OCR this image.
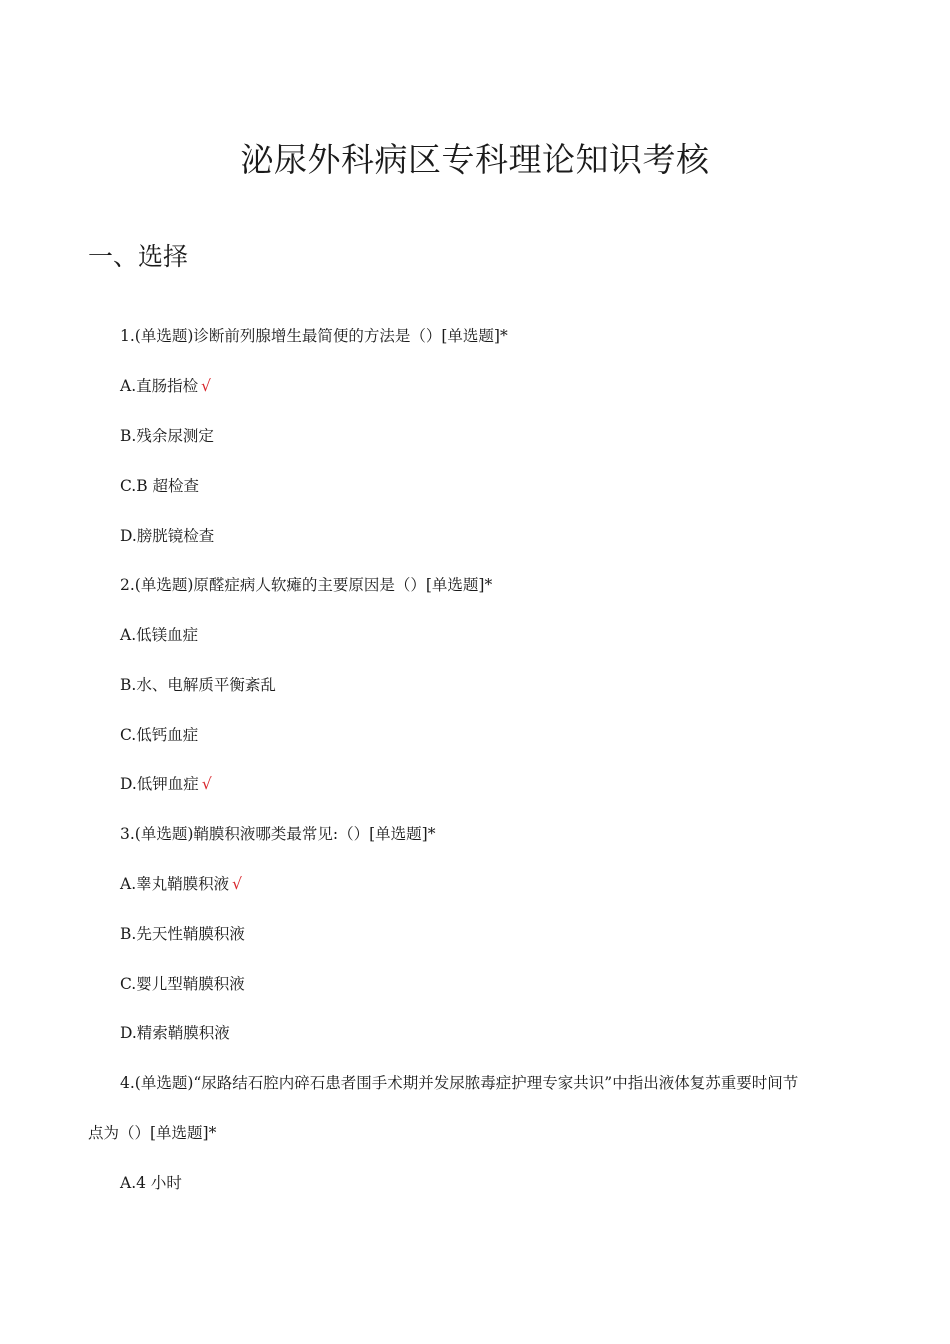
泌尿外科病区专科理论知识考核
一、选择
1.(单选题)诊断前列腺增生最简便的方法是（）[单选题]*
A.直肠指检 √
B.残余尿测定
C.B 超检查
D.膀胱镜检查
2.(单选题)原醛症病人软瘫的主要原因是（）[单选题]*
A.低镁血症
B.水、电解质平衡紊乱
C.低钙血症
D.低钾血症 √
3.(单选题)鞘膜积液哪类最常见:（）[单选题]*
A.睾丸鞘膜积液 √
B.先天性鞘膜积液
C.婴儿型鞘膜积液
D.精索鞘膜积液
4.(单选题)“尿路结石腔内碎石患者围手术期并发尿脓毒症护理专家共识”中指出液体复苏重要时间节
点为（）[单选题]*
A.4 小时
